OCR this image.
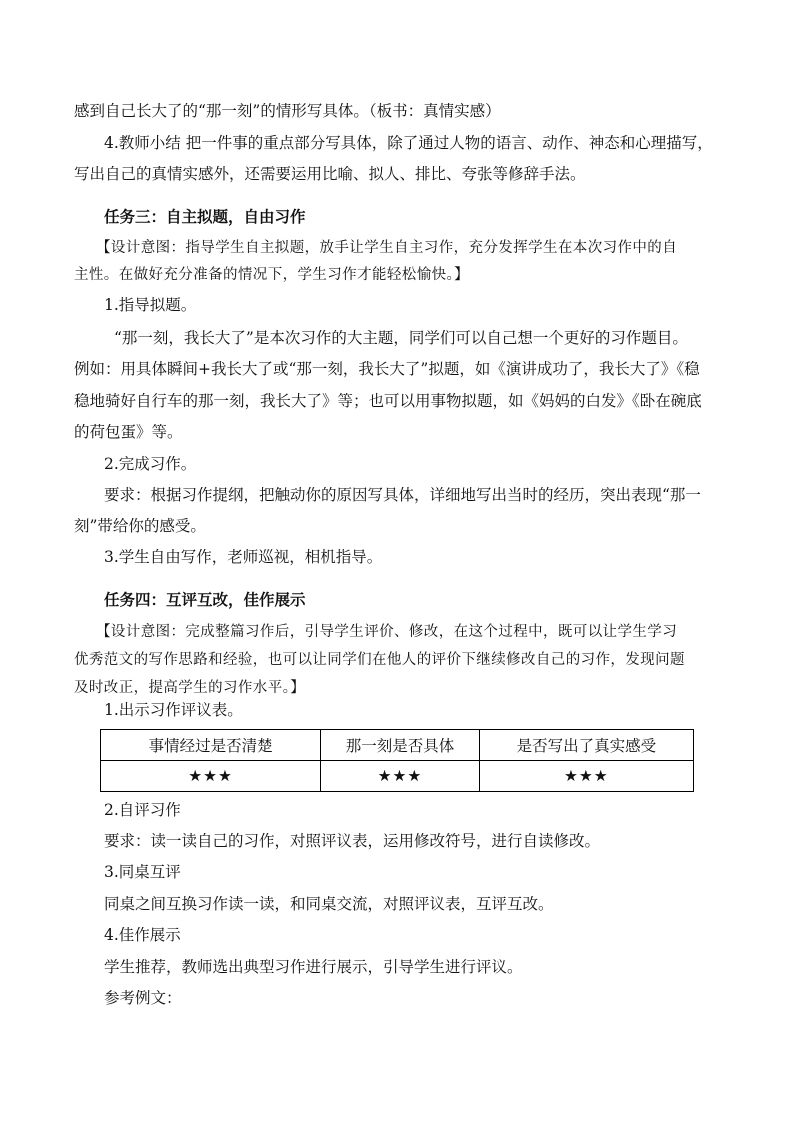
感到自己长大了的“那一刻”的情形写具体。（板书：真情实感）
4.教师小结 把一件事的重点部分写具体，除了通过人物的语言、动作、神态和心理描写，
写出自己的真情实感外，还需要运用比喻、拟人、排比、夸张等修辞手法。
任务三：自主拟题，自由习作
【设计意图：指导学生自主拟题，放手让学生自主习作，充分发挥学生在本次习作中的自
主性。在做好充分准备的情况下，学生习作才能轻松愉快。】
1.指导拟题。
“那一刻，我长大了”是本次习作的大主题，同学们可以自己想一个更好的习作题目。
例如：用具体瞬间+我长大了或“那一刻，我长大了”拟题，如《演讲成功了，我长大了》《稳
稳地骑好自行车的那一刻，我长大了》等；也可以用事物拟题，如《妈妈的白发》《卧在碗底
的荷包蛋》等。
2.完成习作。
要求：根据习作提纲，把触动你的原因写具体，详细地写出当时的经历，突出表现“那一
刻”带给你的感受。
3.学生自由写作，老师巡视，相机指导。
任务四：互评互改，佳作展示
【设计意图：完成整篇习作后，引导学生评价、修改，在这个过程中，既可以让学生学习
优秀范文的写作思路和经验，也可以让同学们在他人的评价下继续修改自己的习作，发现问题
及时改正，提高学生的习作水平。】
1.出示习作评议表。
事情经过是否清楚	那一刻是否具体	是否写出了真实感受
★★★	★★★	★★★
2.自评习作
要求：读一读自己的习作，对照评议表，运用修改符号，进行自读修改。
3.同桌互评
同桌之间互换习作读一读，和同桌交流，对照评议表，互评互改。
4.佳作展示
学生推荐，教师选出典型习作进行展示，引导学生进行评议。
参考例文：
